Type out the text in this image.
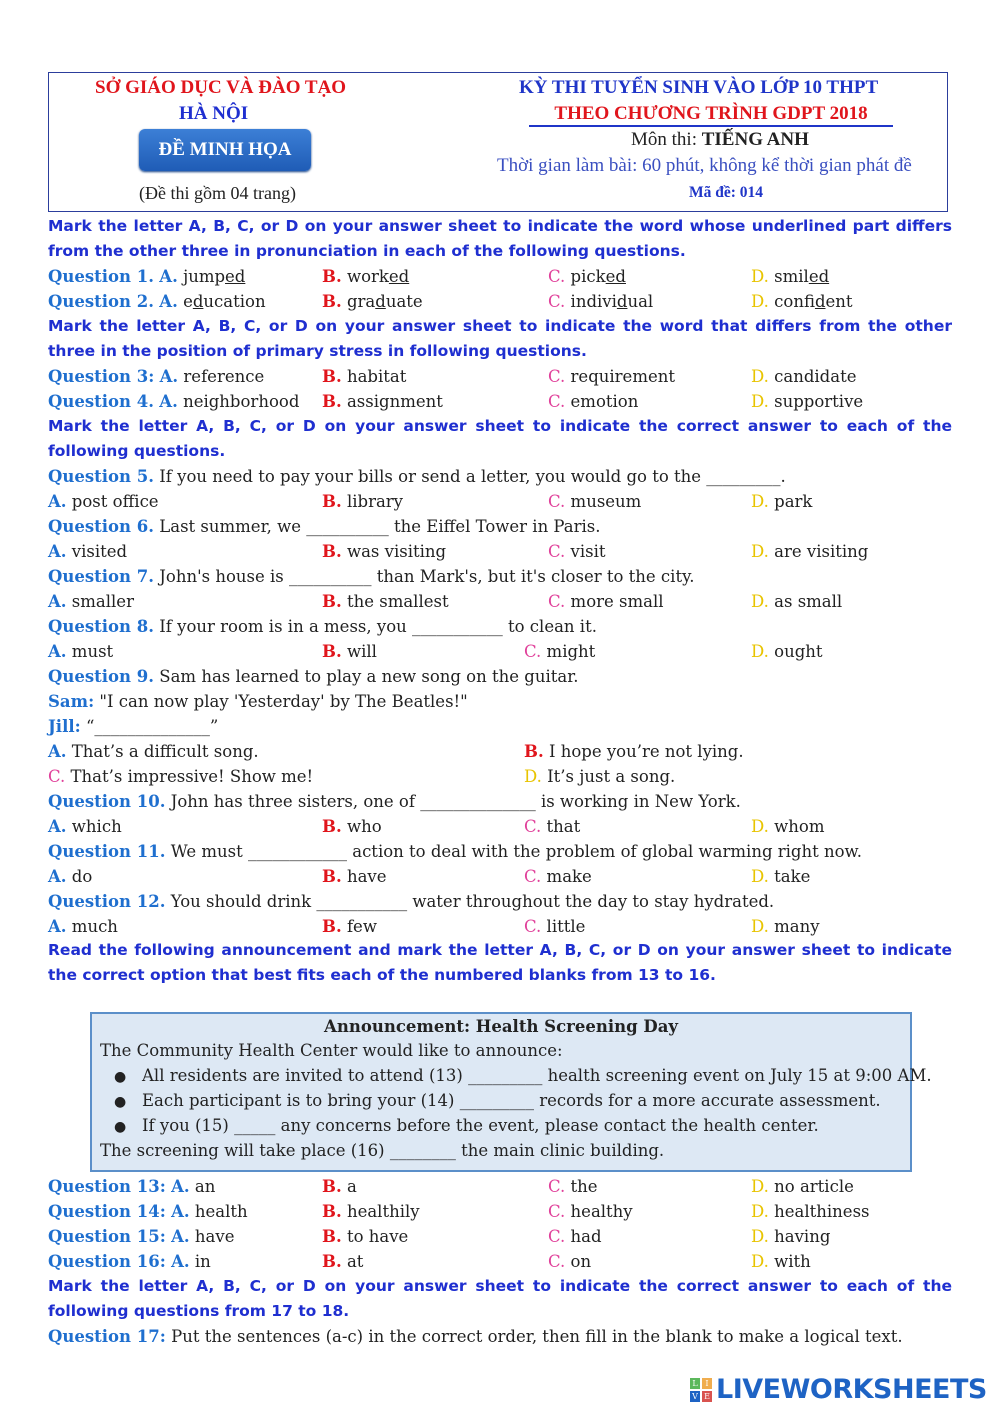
SỞ GIÁO DỤC VÀ ĐÀO TẠO
HÀ NỘI
ĐỀ MINH HỌA
(Đề thi gồm 04 trang)
KỲ THI TUYỂN SINH VÀO LỚP 10 THPT
THEO CHƯƠNG TRÌNH GDPT 2018
Môn thi: TIẾNG ANH
Thời gian làm bài: 60 phút, không kể thời gian phát đề
Mã đề: 014
Mark the letter A, B, C, or D on your answer sheet to indicate the word whose underlined part differs from the other three in pronunciation in each of the following questions.
Question 1. A. jumped	B. worked	C. picked	D. smiled
Question 2. A. education	B. graduate	C. individual	D. confident
Mark the letter A, B, C, or D on your answer sheet to indicate the word that differs from the other three in the position of primary stress in following questions.
Question 3: A. reference	B. habitat	C. requirement	D. candidate
Question 4. A. neighborhood B. assignment	C. emotion	D. supportive
Mark the letter A, B, C, or D on your answer sheet to indicate the correct answer to each of the following questions.
Question 5. If you need to pay your bills or send a letter, you would go to the _________.
A. post office	B. library	C. museum	D. park
Question 6. Last summer, we __________ the Eiffel Tower in Paris.
A. visited	B. was visiting	C. visit	D. are visiting
Question 7. John's house is __________ than Mark's, but it's closer to the city.
A. smaller	B. the smallest	C. more small	D. as small
Question 8. If your room is in a mess, you ___________ to clean it.
A. must	B. will	C. might	D. ought
Question 9. Sam has learned to play a new song on the guitar.
Sam: "I can now play 'Yesterday' by The Beatles!"
Jill: “______________”
A. That’s a difficult song.	B. I hope you’re not lying.
C. That’s impressive! Show me!	D. It’s just a song.
Question 10. John has three sisters, one of ______________ is working in New York.
A. which	B. who	C. that	D. whom
Question 11. We must ____________ action to deal with the problem of global warming right now.
A. do	B. have	C. make	D. take
Question 12. You should drink ___________ water throughout the day to stay hydrated.
A. much	B. few	C. little	D. many
Read the following announcement and mark the letter A, B, C, or D on your answer sheet to indicate the correct option that best fits each of the numbered blanks from 13 to 16.
Announcement: Health Screening Day
The Community Health Center would like to announce:
● All residents are invited to attend (13) _________ health screening event on July 15 at 9:00 AM.
● Each participant is to bring your (14) _________ records for a more accurate assessment.
● If you (15) _____ any concerns before the event, please contact the health center.
The screening will take place (16) ________ the main clinic building.
Question 13: A. an	B. a	C. the	D. no article
Question 14: A. health	B. healthily	C. healthy	D. healthiness
Question 15: A. have	B. to have	C. had	D. having
Question 16: A. in	B. at	C. on	D. with
Mark the letter A, B, C, or D on your answer sheet to indicate the correct answer to each of the following questions from 17 to 18.
Question 17: Put the sentences (a-c) in the correct order, then fill in the blank to make a logical text.
L I
V E LIVEWORKSHEETS
